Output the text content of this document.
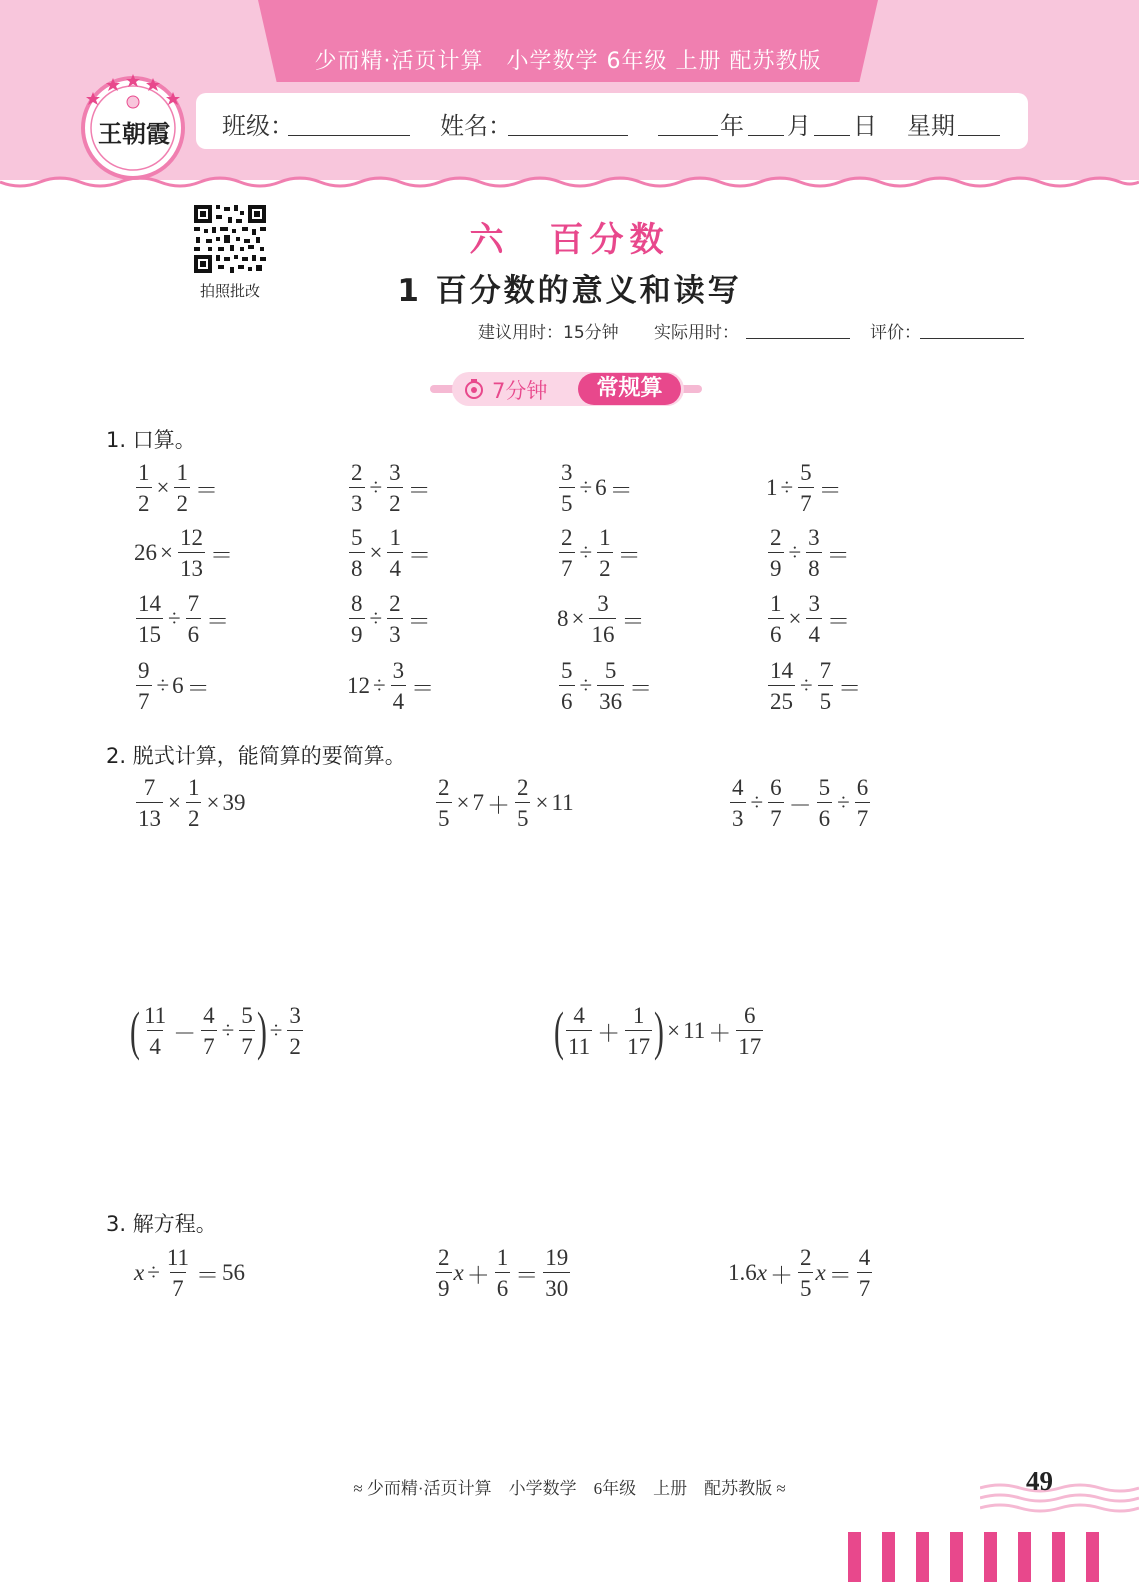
少而精·活页计算　小学数学 6年级 上册 配苏教版
班级：	姓名：	年 月 日 星期
王朝霞
拍照批改
六　百分数
1 百分数的意义和读写
建议用时：15分钟 实际用时：	评价：
7分钟	常规算
1. 口算。
$\frac{1}{2} \times \frac{1}{2}$ ＝	$\frac{2}{3} \div \frac{3}{2}$ ＝	$\frac{3}{5} \div 6$ ＝	$1 \div \frac{5}{7}$ ＝
$26 \times \frac{12}{13}$ ＝	$\frac{5}{8} \times \frac{1}{4}$ ＝	$\frac{2}{7} \div \frac{1}{2}$ ＝	$\frac{2}{9} \div \frac{3}{8}$ ＝
$\frac{14}{15} \div \frac{7}{6}$ ＝	$\frac{8}{9} \div \frac{2}{3}$ ＝	$8 \times \frac{3}{16}$ ＝	$\frac{1}{6} \times \frac{3}{4}$ ＝
$\frac{9}{7} \div 6$ ＝	$12 \div \frac{3}{4}$ ＝	$\frac{5}{6} \div \frac{5}{36}$ ＝	$\frac{14}{25} \div \frac{7}{5}$ ＝
2. 脱式计算，能简算的要简算。
$\frac{7}{13} \times \frac{1}{2} \times 39$	$\frac{2}{5} \times 7 + \frac{2}{5} \times 11$	$\frac{4}{3} \div \frac{6}{7} - \frac{5}{6} \div \frac{6}{7}$
( $\frac{11}{4} - \frac{4}{7} \div \frac{5}{7}$ ) ÷ $\frac{3}{2}$	( $\frac{4}{11} + \frac{1}{17}$ ) × $11 + \frac{6}{17}$
3. 解方程。
$x \div \frac{11}{7} = 56$	$\frac{2}{9}$ $x + \frac{1}{6} = \frac{19}{30}$	1.6 $x + \frac{2}{5}$ $x = \frac{4}{7}$
≈ 少而精·活页计算　小学数学　6年级　上册　配苏教版 ≈	49
